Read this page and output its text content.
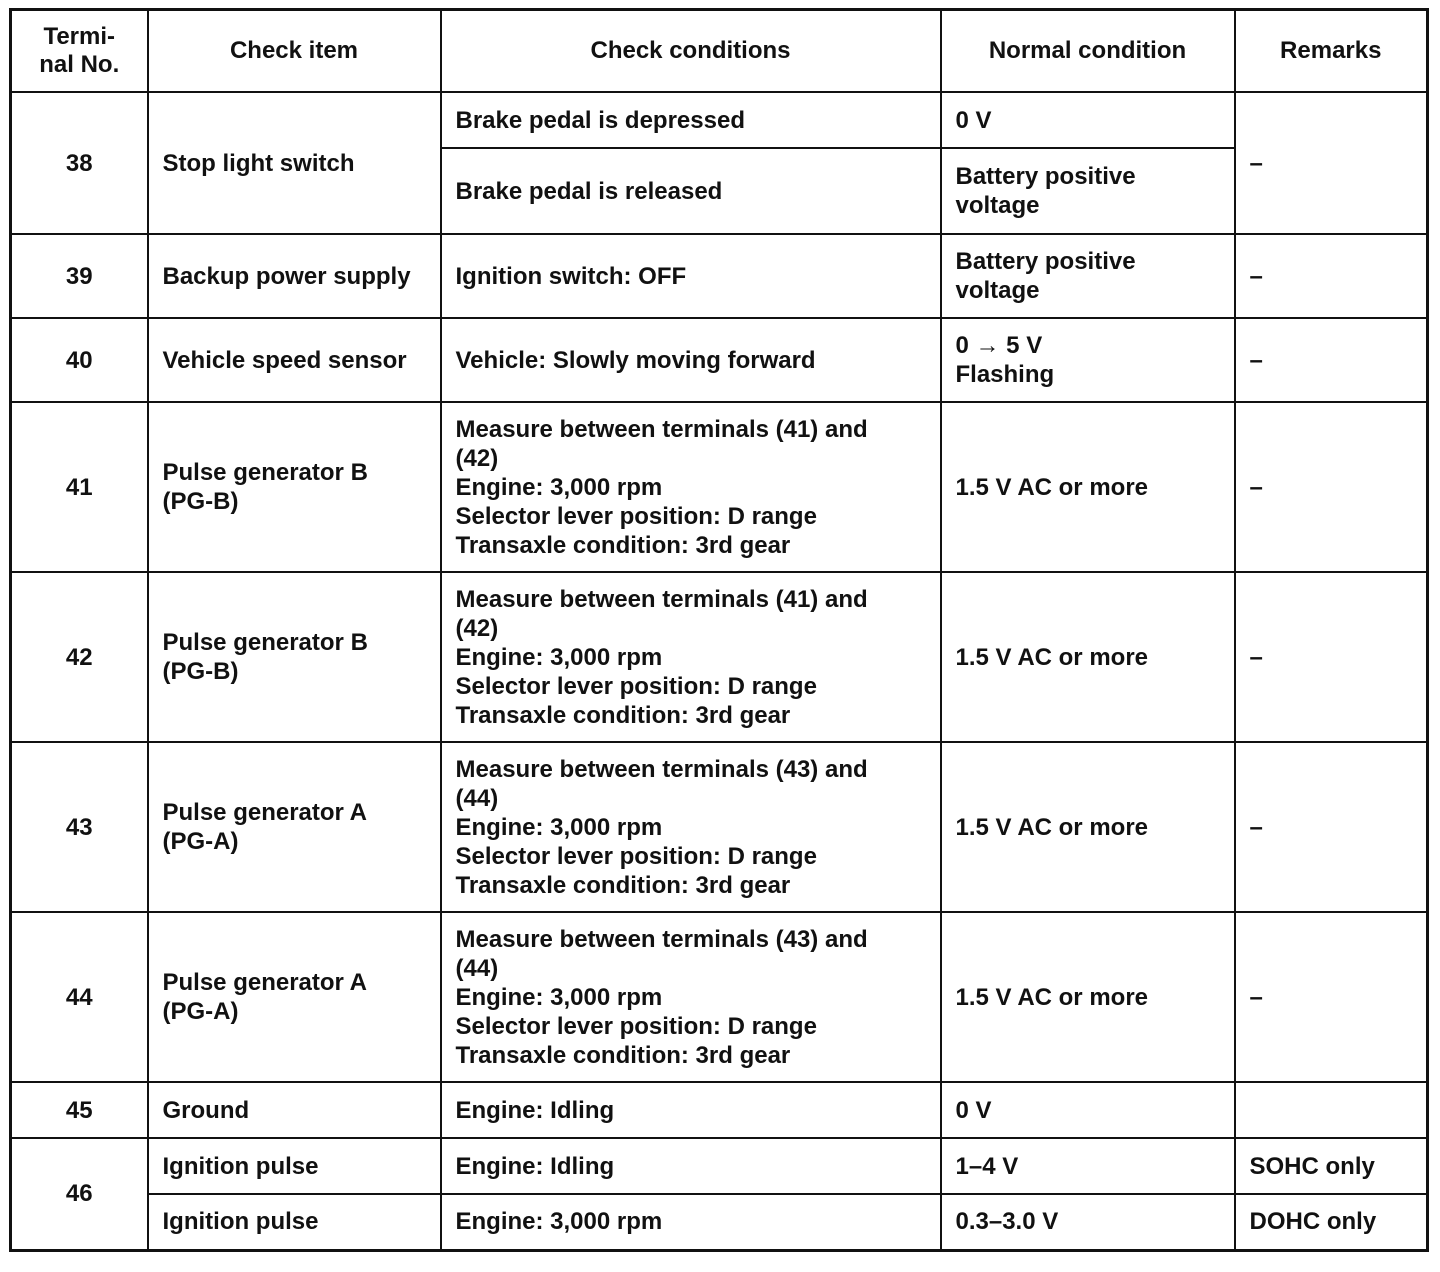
Termi-
nal No.	Check item	Check conditions	Normal condition	Remarks
38	Stop light switch	Brake pedal is depressed	0 V	–
		Brake pedal is released	Battery positive
voltage	
39	Backup power supply	Ignition switch: OFF	Battery positive
voltage	–
40	Vehicle speed sensor	Vehicle: Slowly moving forward	0 → 5 V
Flashing	–
41	Pulse generator B
(PG-B)	Measure between terminals (41) and
(42)
Engine: 3,000 rpm
Selector lever position: D range
Transaxle condition: 3rd gear	1.5 V AC or more	–
42	Pulse generator B
(PG-B)	Measure between terminals (41) and
(42)
Engine: 3,000 rpm
Selector lever position: D range
Transaxle condition: 3rd gear	1.5 V AC or more	–
43	Pulse generator A
(PG-A)	Measure between terminals (43) and
(44)
Engine: 3,000 rpm
Selector lever position: D range
Transaxle condition: 3rd gear	1.5 V AC or more	–
44	Pulse generator A
(PG-A)	Measure between terminals (43) and
(44)
Engine: 3,000 rpm
Selector lever position: D range
Transaxle condition: 3rd gear	1.5 V AC or more	–
45	Ground	Engine: Idling	0 V	
46	Ignition pulse	Engine: Idling	1–4 V	SOHC only
	Ignition pulse	Engine: 3,000 rpm	0.3–3.0 V	DOHC only
